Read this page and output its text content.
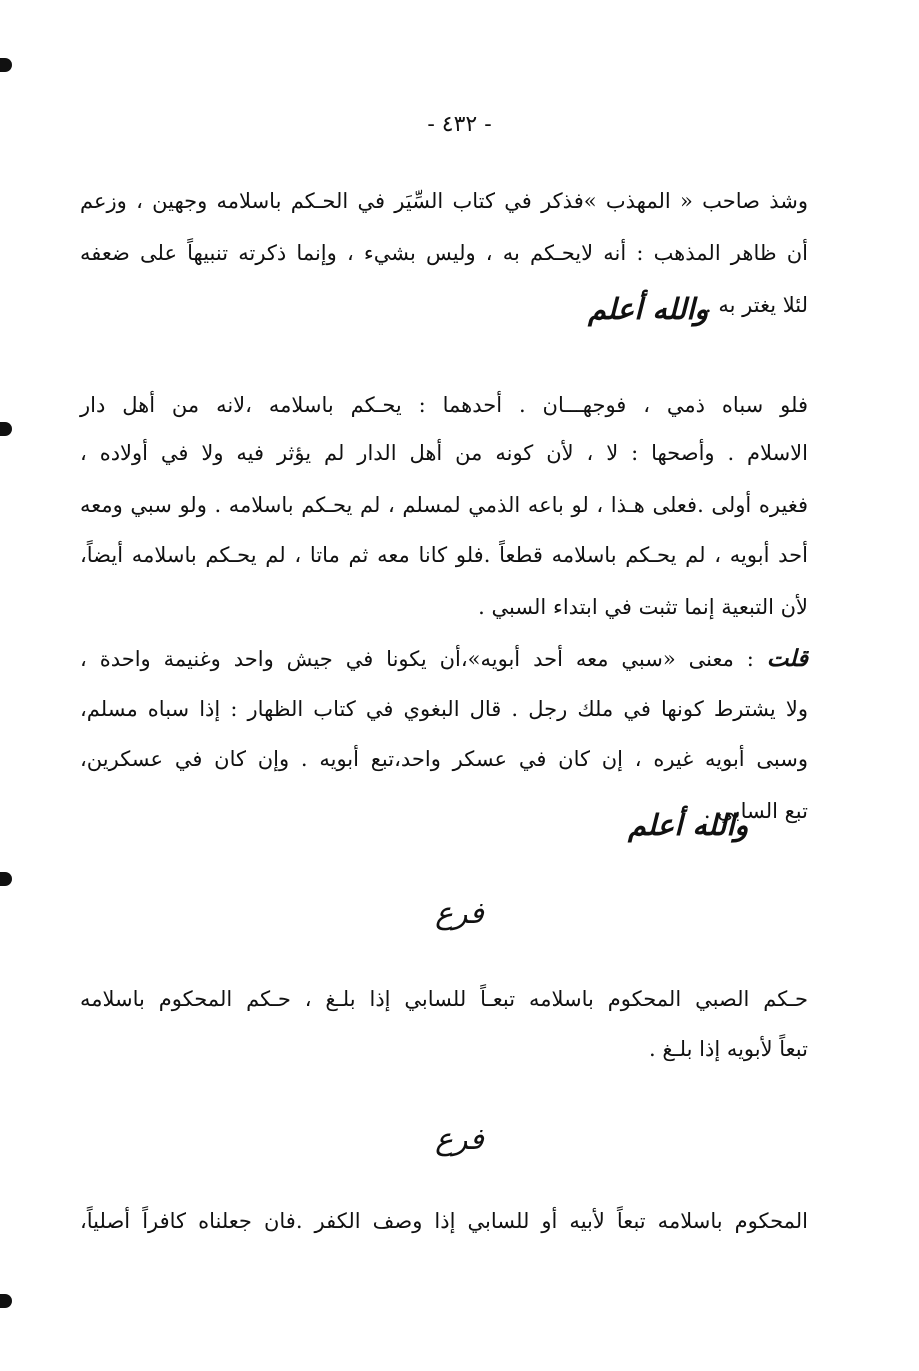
- ٤٣٢ -
وشذ صاحب « المهذب »فذكر في كتاب السِّيَر في الحـكم باسلامه وجهين ، وزعم
أن ظاهر المذهب : أنه لايحـكم به ، وليس بشيء ، وإنما ذكرته تنبيهاً على ضعفه
لئلا يغتر به .
والله أعلم
فلو سباه ذمي ، فوجهـــان . أحدهما : يحـكم باسلامه ،لانه من أهل دار
الاسلام . وأصحها : لا ، لأن كونه من أهل الدار لم يؤثر فيه ولا في أولاده ،
فغيره أولى .فعلى هـذا ، لو باعه الذمي لمسلم ، لم يحـكم باسلامه . ولو سبي ومعه
أحد أبويه ، لم يحـكم باسلامه قطعاً .فلو كانا معه ثم ماتا ، لم يحـكم باسلامه أيضاً،
لأن التبعية إنما تثبت في ابتداء السبي .
قلت : معنى «سبي معه أحد أبويه»،أن يكونا في جيش واحد وغنيمة واحدة ،
ولا يشترط كونها في ملك رجل . قال البغوي في كتاب الظهار : إذا سباه مسلم،
وسبى أبويه غيره ، إن كان في عسكر واحد،تبع أبويه . وإن كان في عسكرين،
تبع السابي .
والله أعلم
فرع
حـكم الصبي المحكوم باسلامه تبعـاً للسابي إذا بلـغ ، حـكم المحكوم باسلامه
تبعاً لأبويه إذا بلـغ .
فرع
المحكوم باسلامه تبعاً لأبيه أو للسابي إذا وصف الكفر .فان جعلناه كافراً أصلياً،
